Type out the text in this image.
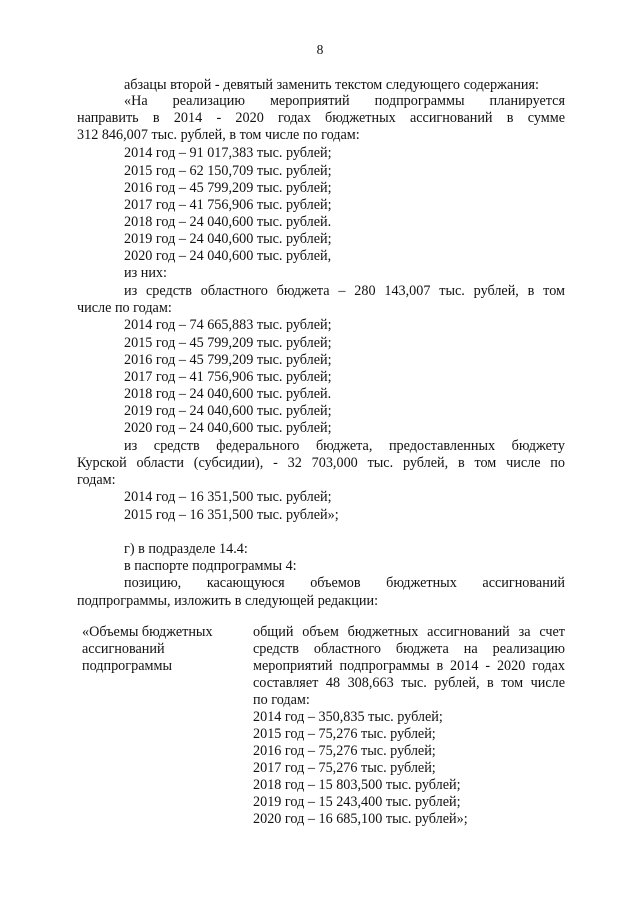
8
абзацы второй - девятый заменить текстом следующего содержания:
«На реализацию мероприятий подпрограммы планируется
направить в 2014 - 2020 годах бюджетных ассигнований в сумме
312 846,007 тыс. рублей, в том числе по годам:
2014 год – 91 017,383 тыс. рублей;
2015 год – 62 150,709 тыс. рублей;
2016 год – 45 799,209 тыс. рублей;
2017 год – 41 756,906 тыс. рублей;
2018 год – 24 040,600 тыс. рублей.
2019 год – 24 040,600 тыс. рублей;
2020 год – 24 040,600 тыс. рублей,
из них:
из средств областного бюджета – 280 143,007 тыс. рублей, в том
числе по годам:
2014 год – 74 665,883 тыс. рублей;
2015 год – 45 799,209 тыс. рублей;
2016 год – 45 799,209 тыс. рублей;
2017 год – 41 756,906 тыс. рублей;
2018 год – 24 040,600 тыс. рублей.
2019 год – 24 040,600 тыс. рублей;
2020 год – 24 040,600 тыс. рублей;
из средств федерального бюджета, предоставленных бюджету
Курской области (субсидии), - 32 703,000 тыс. рублей, в том числе по
годам:
2014 год – 16 351,500 тыс. рублей;
2015 год – 16 351,500 тыс. рублей»;
г) в подразделе 14.4:
в паспорте подпрограммы 4:
позицию, касающуюся объемов бюджетных ассигнований
подпрограммы, изложить в следующей редакции:
«Объемы бюджетных
ассигнований
подпрограммы
общий объем бюджетных ассигнований за счет
средств областного бюджета на реализацию
мероприятий подпрограммы в 2014 - 2020 годах
составляет 48 308,663 тыс. рублей, в том числе
по годам:
2014 год – 350,835 тыс. рублей;
2015 год – 75,276 тыс. рублей;
2016 год – 75,276 тыс. рублей;
2017 год – 75,276 тыс. рублей;
2018 год – 15 803,500 тыс. рублей;
2019 год – 15 243,400 тыс. рублей;
2020 год – 16 685,100 тыс. рублей»;
